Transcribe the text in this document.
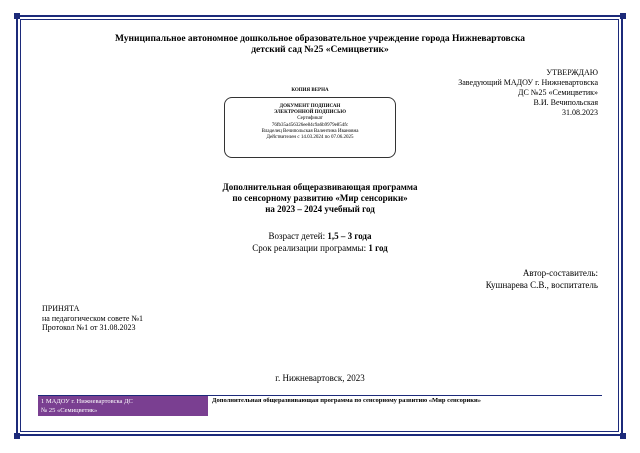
Муниципальное автономное дошкольное образовательное учреждение города Нижневартовска
детский сад №25 «Семицветик»
УТВЕРЖДАЮ
Заведующий МАДОУ г. Нижневартовска
ДС №25 «Семицветик»
В.И. Вечипольская
31.08.2023
КОПИЯ ВЕРНА
ДОКУМЕНТ ПОДПИСАН
ЭЛЕКТРОННОЙ ПОДПИСЬЮ
Сертификат
76fb35a456326ee84c9a6b9979e854fc
Владелец Вечипольская Валентина Ивановна
Действителен с 14.03.2024 по 07.06.2025
Дополнительная общеразвивающая программа
по сенсорному развитию «Мир сенсорики»
на 2023 – 2024 учебный год
Возраст детей: 1,5 – 3 года
Срок реализации программы: 1 год
Автор-составитель:
Кушнарева С.В., воспитатель
ПРИНЯТА
на педагогическом совете №1
Протокол №1 от 31.08.2023
г. Нижневартовск, 2023
1 МАДОУ г. Нижневартовска ДС
№ 25 «Семицветик»
Дополнительная общеразвивающая программа по сенсорному развитию «Мир сенсорики»
